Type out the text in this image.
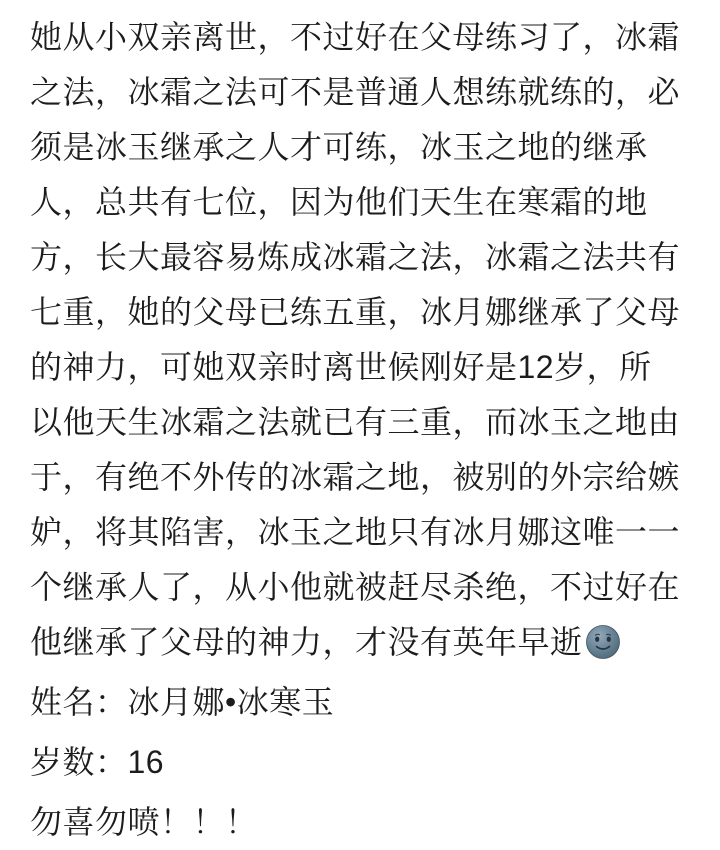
她从小双亲离世，不过好在父母练习了，冰霜
之法，冰霜之法可不是普通人想练就练的，必
须是冰玉继承之人才可练，冰玉之地的继承
人，总共有七位，因为他们天生在寒霜的地
方，长大最容易炼成冰霜之法，冰霜之法共有
七重，她的父母已练五重，冰月娜继承了父母
的神力，可她双亲时离世候刚好是12岁，所
以他天生冰霜之法就已有三重，而冰玉之地由
于，有绝不外传的冰霜之地，被别的外宗给嫉
妒，将其陷害，冰玉之地只有冰月娜这唯一一
个继承人了，从小他就被赶尽杀绝，不过好在
他继承了父母的神力，才没有英年早逝
姓名：冰月娜•冰寒玉
岁数：16
勿喜勿喷！！！
